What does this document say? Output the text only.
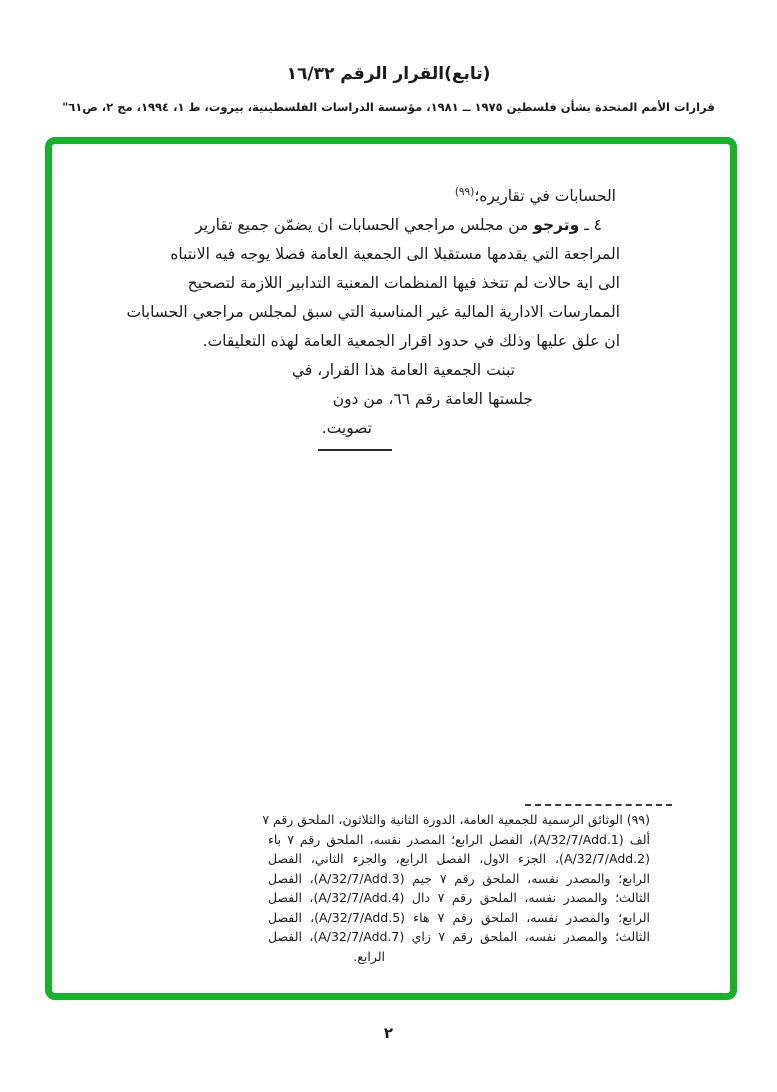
(تابع)القرار الرقم ١٦/٣٢
قرارات الأمم المتحدة بشأن فلسطين ١٩٧٥ ــ ١٩٨١، مؤسسة الدراسات الفلسطينية، بيروت، ط ١، ١٩٩٤، مج ٢، ص٦١"
الحسابات في تقاريره؛$^{(٩٩)}$
٤ ـ وترجو من مجلس مراجعي الحسابات ان يضمّن جميع تقارير
المراجعة التي يقدمها مستقبلا الى الجمعية العامة فصلا يوجه فيه الانتباه
الى اية حالات لم تتخذ فيها المنظمات المعنية التدابير اللازمة لتصحيح
الممارسات الادارية المالية غير المناسبة التي سبق لمجلس مراجعي الحسابات
ان علق عليها وذلك في حدود اقرار الجمعية العامة لهذه التعليقات.
تبنت الجمعية العامة هذا القرار، في
جلستها العامة رقم ٦٦، من دون
تصويت.
(٩٩) الوثائق الرسمية للجمعية العامة، الدورة الثانية والثلاثون، الملحق رقم ٧
ألف (A/32/7/Add.1)، الفصل الرابع؛ المصدر نفسه، الملحق رقم ٧ باء
(A/32/7/Add.2)، الجزء الاول، الفصل الرابع، والجزء الثاني، الفصل
الرابع؛ والمصدر نفسه، الملحق رقم ٧ جيم (A/32/7/Add.3)، الفصل
الثالث؛ والمصدر نفسه، الملحق رقم ٧ دال (A/32/7/Add.4)، الفصل
الرابع؛ والمصدر نفسه، الملحق رقم ٧ هاء (A/32/7/Add.5)، الفصل
الثالث؛ والمصدر نفسه، الملحق رقم ٧ زاي (A/32/7/Add.7)، الفصل
الرابع.
٢
